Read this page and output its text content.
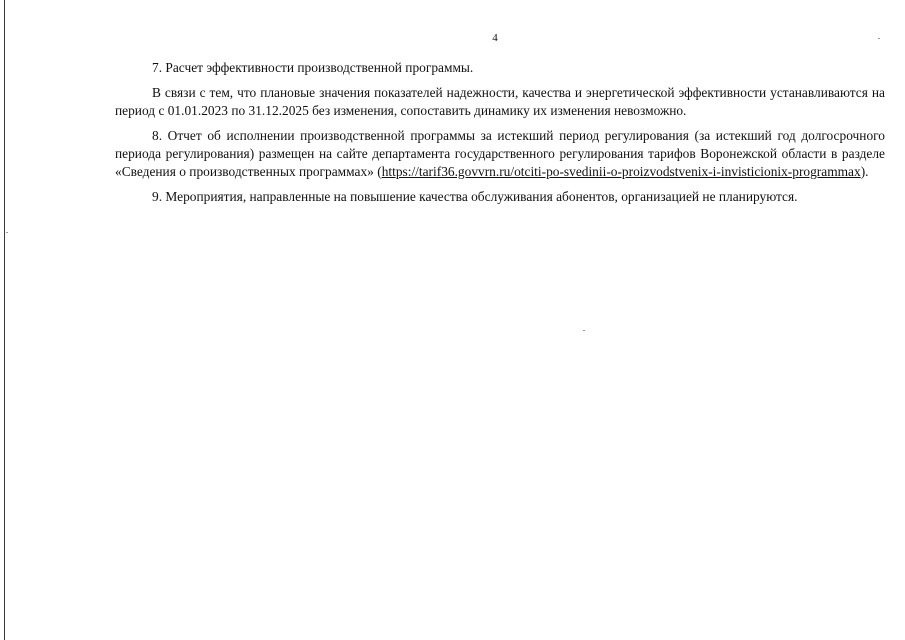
4

7. Расчет эффективности производственной программы.

В связи с тем, что плановые значения показателей надежности, качества и энергетической эффективности устанавливаются на период с 01.01.2023 по 31.12.2025 без изменения, сопоставить динамику их изменения невозможно.

8. Отчет об исполнении производственной программы за истекший период регулирования (за истекший год долгосрочного периода регулирования) размещен на сайте департамента государственного регулирования тарифов Воронежской области в разделе «Сведения о производственных программах» (https://tarif36.govvrn.ru/otciti-po-svedinii-o-proizvodstvenix-i-invisticionix-programmax).

9. Мероприятия, направленные на повышение качества обслуживания абонентов, организацией не планируются.
